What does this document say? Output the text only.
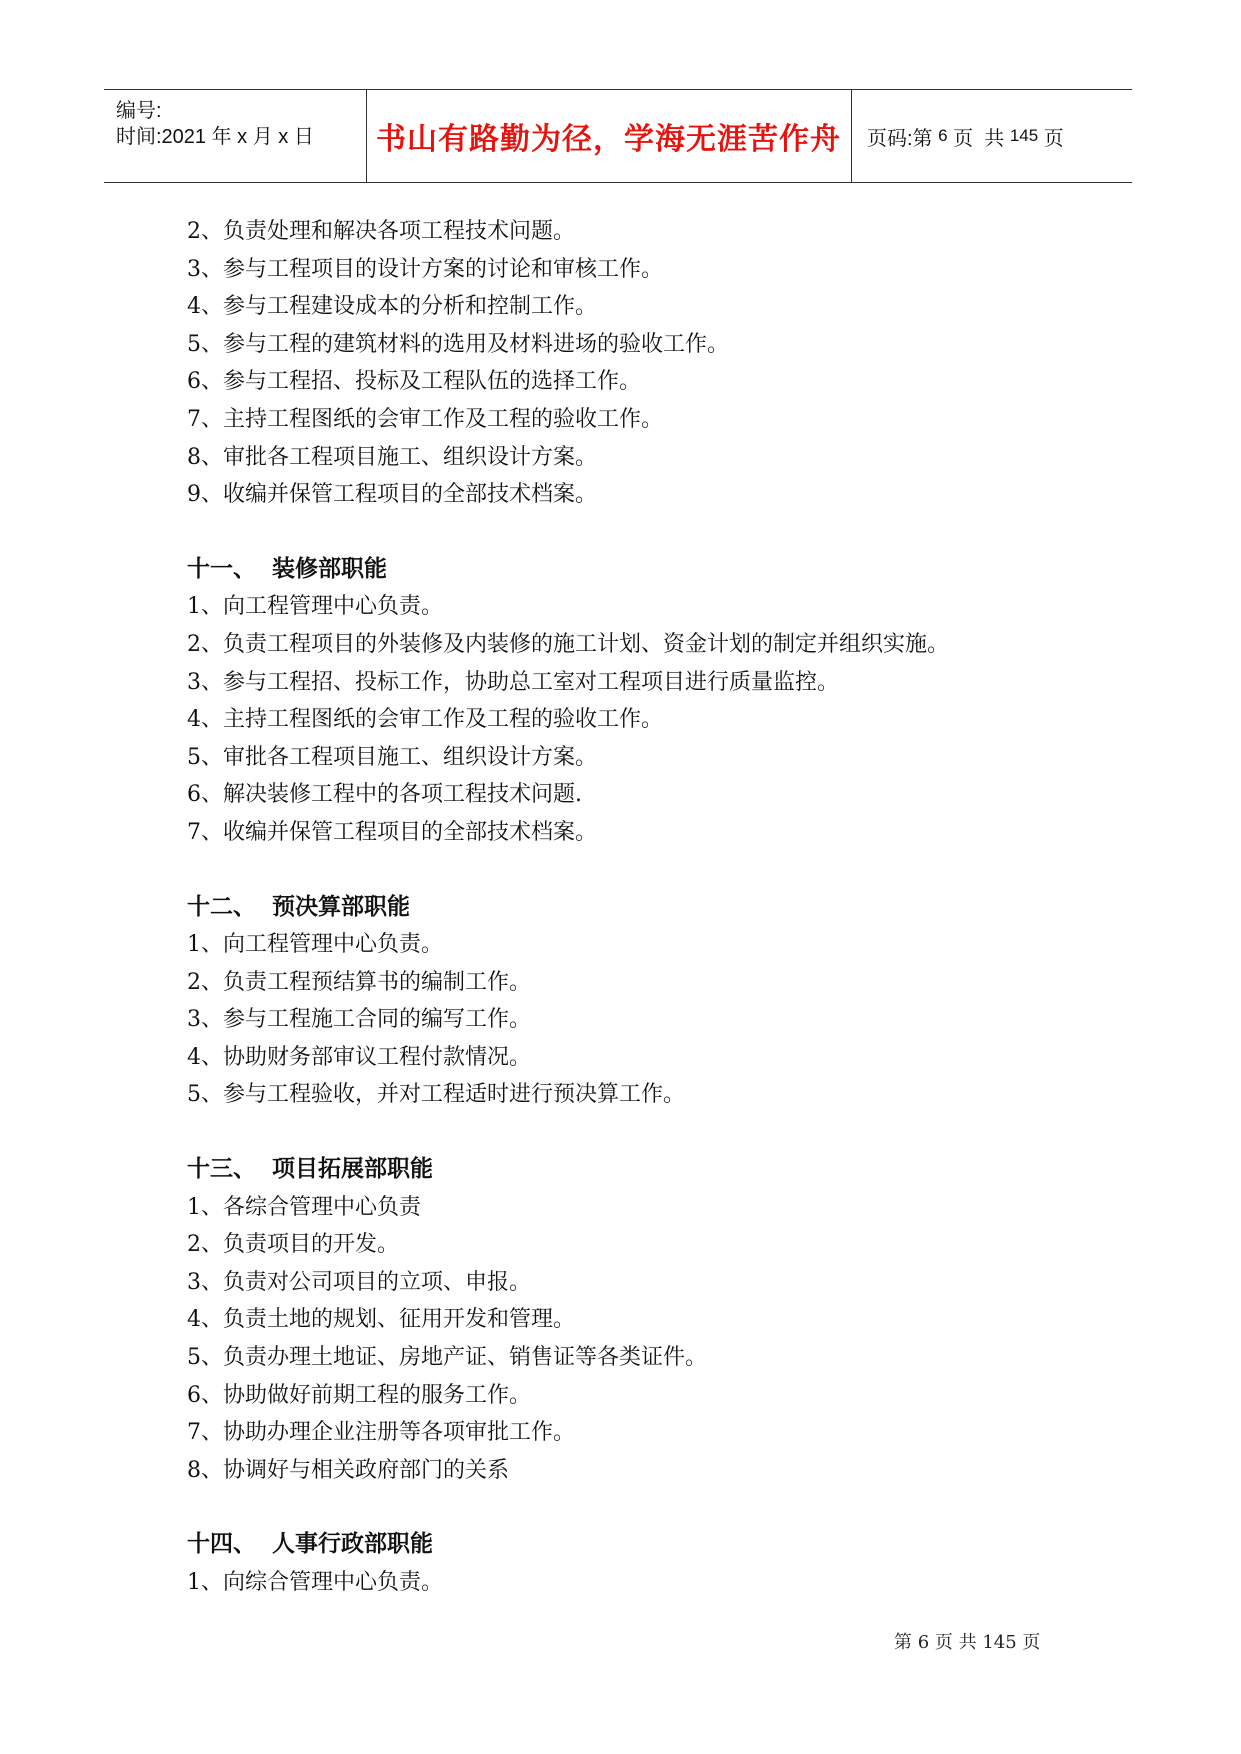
编号:
时间:2021 年 x 月 x 日	书山有路勤为径，学海无涯苦作舟	页码:第 6 页  共 145 页
2、负责处理和解决各项工程技术问题。
3、参与工程项目的设计方案的讨论和审核工作。
4、参与工程建设成本的分析和控制工作。
5、参与工程的建筑材料的选用及材料进场的验收工作。
6、参与工程招、投标及工程队伍的选择工作。
7、主持工程图纸的会审工作及工程的验收工作。
8、审批各工程项目施工、组织设计方案。
9、收编并保管工程项目的全部技术档案。
十一、  装修部职能
1、向工程管理中心负责。
2、负责工程项目的外装修及内装修的施工计划、资金计划的制定并组织实施。
3、参与工程招、投标工作，协助总工室对工程项目进行质量监控。
4、主持工程图纸的会审工作及工程的验收工作。
5、审批各工程项目施工、组织设计方案。
6、解决装修工程中的各项工程技术问题.
7、收编并保管工程项目的全部技术档案。
十二、  预决算部职能
1、向工程管理中心负责。
2、负责工程预结算书的编制工作。
3、参与工程施工合同的编写工作。
4、协助财务部审议工程付款情况。
5、参与工程验收，并对工程适时进行预决算工作。
十三、  项目拓展部职能
1、各综合管理中心负责
2、负责项目的开发。
3、负责对公司项目的立项、申报。
4、负责土地的规划、征用开发和管理。
5、负责办理土地证、房地产证、销售证等各类证件。
6、协助做好前期工程的服务工作。
7、协助办理企业注册等各项审批工作。
8、协调好与相关政府部门的关系
十四、  人事行政部职能
1、向综合管理中心负责。
第 6 页 共 145 页
